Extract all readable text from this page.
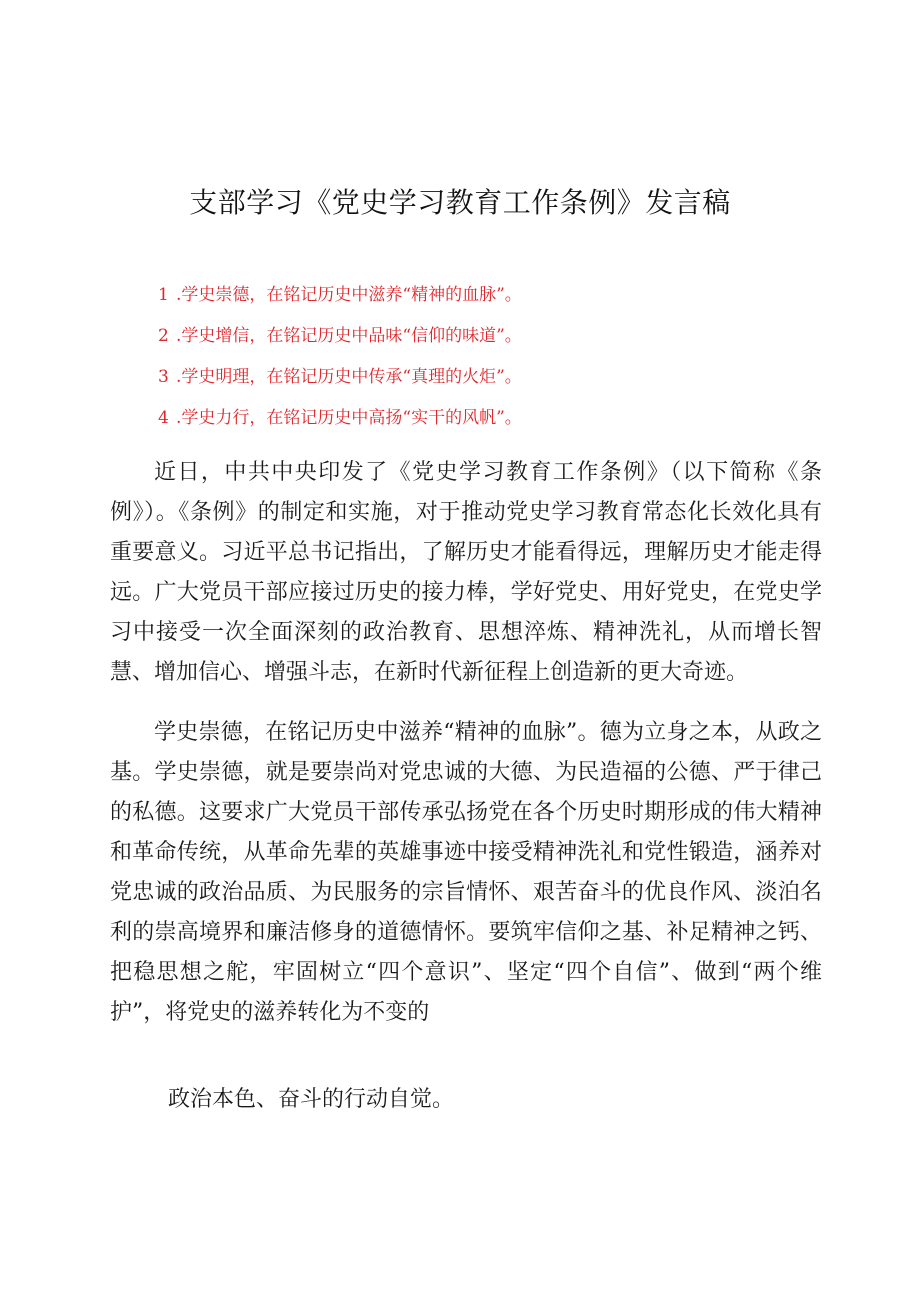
支部学习《党史学习教育工作条例》发言稿
1 .学史崇德，在铭记历史中滋养“精神的血脉”。
2 .学史增信，在铭记历史中品味“信仰的味道”。
3 .学史明理，在铭记历史中传承“真理的火炬”。
4 .学史力行，在铭记历史中高扬“实干的风帆”。

近日，中共中央印发了《党史学习教育工作条例》（以下简称《条例》）。《条例》的制定和实施，对于推动党史学习教育常态化长效化具有重要意义。习近平总书记指出，了解历史才能看得远，理解历史才能走得远。广大党员干部应接过历史的接力棒，学好党史、用好党史，在党史学习中接受一次全面深刻的政治教育、思想淬炼、精神洗礼，从而增长智慧、增加信心、增强斗志，在新时代新征程上创造新的更大奇迹。

学史崇德，在铭记历史中滋养“精神的血脉”。德为立身之本，从政之基。学史崇德，就是要崇尚对党忠诚的大德、为民造福的公德、严于律己的私德。这要求广大党员干部传承弘扬党在各个历史时期形成的伟大精神和革命传统，从革命先辈的英雄事迹中接受精神洗礼和党性锻造，涵养对党忠诚的政治品质、为民服务的宗旨情怀、艰苦奋斗的优良作风、淡泊名利的崇高境界和廉洁修身的道德情怀。要筑牢信仰之基、补足精神之钙、把稳思想之舵，牢固树立“四个意识”、坚定“四个自信”、做到“两个维护”，将党史的滋养转化为不变的

政治本色、奋斗的行动自觉。
